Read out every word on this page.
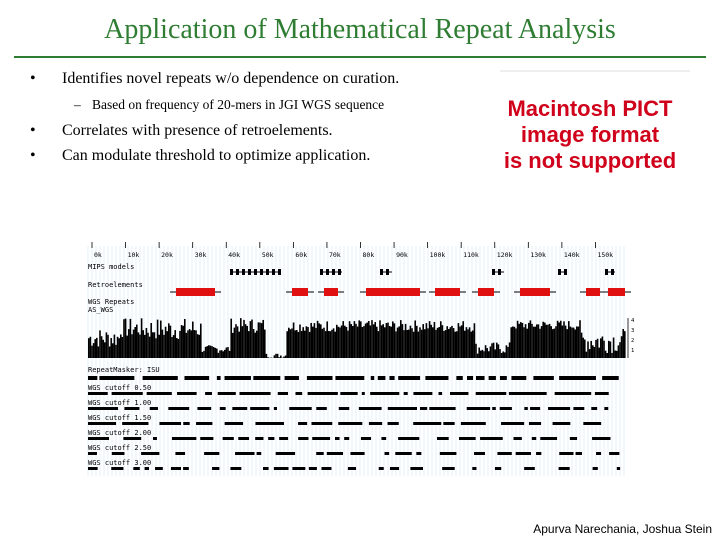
Application of Mathematical Repeat Analysis
• Identifies novel repeats w/o dependence on curation.
– Based on frequency of 20-mers in JGI WGS sequence
• Correlates with presence of retroelements.
• Can modulate threshold to optimize application.
Macintosh PICT
image format
is not supported
0k	10k	20k	30k	40k	50k	60k	70k	80k	90k	100k	110k	120k	130k	140k	150k
MIPS models
Retroelements
WGS Repeats
AS_WGS
4
3
2
1
RepeatMasker: ISU
WGS cutoff 0.50
WGS cutoff 1.00
WGS cutoff 1.50
WGS cutoff 2.00
WGS cutoff 2.50
WGS cutoff 3.00
Apurva Narechania, Joshua Stein
